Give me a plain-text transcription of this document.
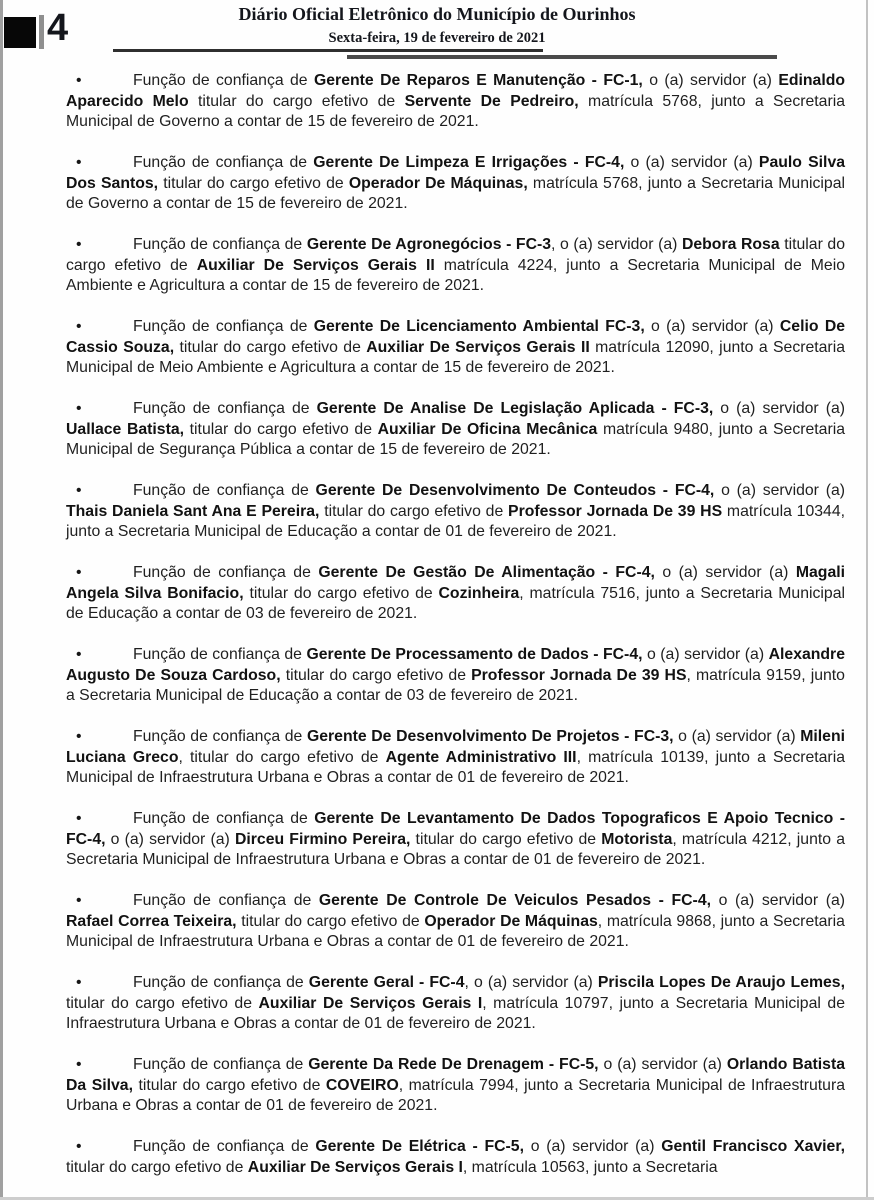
4	Diário Oficial Eletrônico do Município de Ourinhos
Sexta-feira, 19 de fevereiro de 2021

•	Função de confiança de Gerente De Reparos E Manutenção - FC-1, o (a) servidor (a) Edinaldo Aparecido Melo titular do cargo efetivo de Servente De Pedreiro, matrícula 5768, junto a Secretaria Municipal de Governo a contar de 15 de fevereiro de 2021.

•	Função de confiança de Gerente De Limpeza E Irrigações - FC-4, o (a) servidor (a) Paulo Silva Dos Santos, titular do cargo efetivo de Operador De Máquinas, matrícula 5768, junto a Secretaria Municipal de Governo a contar de 15 de fevereiro de 2021.

•	Função de confiança de Gerente De Agronegócios - FC-3, o (a) servidor (a) Debora Rosa titular do cargo efetivo de Auxiliar De Serviços Gerais II matrícula 4224, junto a Secretaria Municipal de Meio Ambiente e Agricultura a contar de 15 de fevereiro de 2021.

•	Função de confiança de Gerente De Licenciamento Ambiental FC-3, o (a) servidor (a) Celio De Cassio Souza, titular do cargo efetivo de Auxiliar De Serviços Gerais II matrícula 12090, junto a Secretaria Municipal de Meio Ambiente e Agricultura a contar de 15 de fevereiro de 2021.

•	Função de confiança de Gerente De Analise De Legislação Aplicada - FC-3, o (a) servidor (a) Uallace Batista, titular do cargo efetivo de Auxiliar De Oficina Mecânica matrícula 9480, junto a Secretaria Municipal de Segurança Pública a contar de 15 de fevereiro de 2021.

•	Função de confiança de Gerente De Desenvolvimento De Conteudos - FC-4, o (a) servidor (a) Thais Daniela Sant Ana E Pereira, titular do cargo efetivo de Professor Jornada De 39 HS matrícula 10344, junto a Secretaria Municipal de Educação a contar de 01 de fevereiro de 2021.

•	Função de confiança de Gerente De Gestão De Alimentação - FC-4, o (a) servidor (a) Magali Angela Silva Bonifacio, titular do cargo efetivo de Cozinheira, matrícula 7516, junto a Secretaria Municipal de Educação a contar de 03 de fevereiro de 2021.

•	Função de confiança de Gerente De Processamento de Dados - FC-4, o (a) servidor (a) Alexandre Augusto De Souza Cardoso, titular do cargo efetivo de Professor Jornada De 39 HS, matrícula 9159, junto a Secretaria Municipal de Educação a contar de 03 de fevereiro de 2021.

•	Função de confiança de Gerente De Desenvolvimento De Projetos - FC-3, o (a) servidor (a) Mileni Luciana Greco, titular do cargo efetivo de Agente Administrativo III, matrícula 10139, junto a Secretaria Municipal de Infraestrutura Urbana e Obras a contar de 01 de fevereiro de 2021.

•	Função de confiança de Gerente De Levantamento De Dados Topograficos E Apoio Tecnico - FC-4, o (a) servidor (a) Dirceu Firmino Pereira, titular do cargo efetivo de Motorista, matrícula 4212, junto a Secretaria Municipal de Infraestrutura Urbana e Obras a contar de 01 de fevereiro de 2021.

•	Função de confiança de Gerente De Controle De Veiculos Pesados - FC-4, o (a) servidor (a) Rafael Correa Teixeira, titular do cargo efetivo de Operador De Máquinas, matrícula 9868, junto a Secretaria Municipal de Infraestrutura Urbana e Obras a contar de 01 de fevereiro de 2021.

•	Função de confiança de Gerente Geral - FC-4, o (a) servidor (a) Priscila Lopes De Araujo Lemes, titular do cargo efetivo de Auxiliar De Serviços Gerais I, matrícula 10797, junto a Secretaria Municipal de Infraestrutura Urbana e Obras a contar de 01 de fevereiro de 2021.

•	Função de confiança de Gerente Da Rede De Drenagem - FC-5, o (a) servidor (a) Orlando Batista Da Silva, titular do cargo efetivo de COVEIRO, matrícula 7994, junto a Secretaria Municipal de Infraestrutura Urbana e Obras a contar de 01 de fevereiro de 2021.

•	Função de confiança de Gerente De Elétrica - FC-5, o (a) servidor (a) Gentil Francisco Xavier, titular do cargo efetivo de Auxiliar De Serviços Gerais I, matrícula 10563, junto a Secretaria
